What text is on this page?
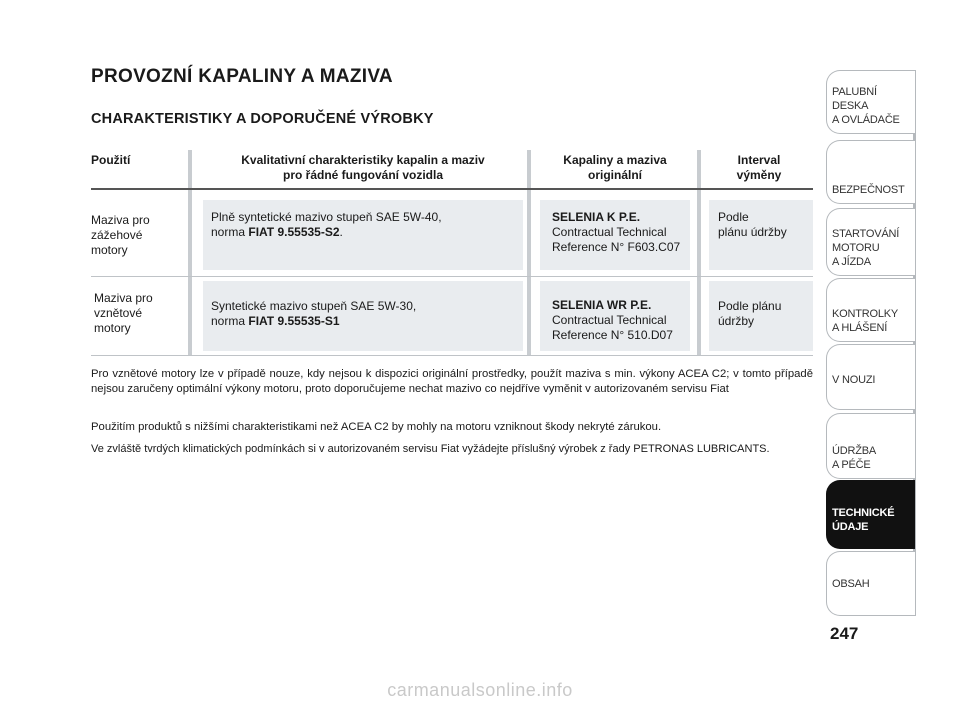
PROVOZNÍ KAPALINY A MAZIVA
CHARAKTERISTIKY A DOPORUČENÉ VÝROBKY
Použití	Kvalitativní charakteristiky kapalin a maziv
pro řádné fungování vozidla
Kapaliny a maziva
originální
Interval
výměny
Maziva pro
zážehové
motory
Plně syntetické mazivo stupeň SAE 5W-40,
norma FIAT 9.55535-S2.
SELENIA K P.E.
Contractual Technical
Reference N° F603.C07
Podle
plánu údržby
Maziva pro
vznětové
motory
Syntetické mazivo stupeň SAE 5W-30,
norma FIAT 9.55535-S1
SELENIA WR P.E.
Contractual Technical
Reference N° 510.D07
Podle plánu
údržby
Pro vznětové motory lze v případě nouze, kdy nejsou k dispozici originální prostředky, použít maziva s min. výkony ACEA C2; v tomto případě nejsou zaručeny optimální výkony motoru, proto doporučujeme nechat mazivo co nejdříve vyměnit v autorizovaném servisu Fiat
Použitím produktů s nižšími charakteristikami než ACEA C2 by mohly na motoru vzniknout škody nekryté zárukou.
Ve zvláště tvrdých klimatických podmínkách si v autorizovaném servisu Fiat vyžádejte příslušný výrobek z řady PETRONAS LUBRICANTS.
PALUBNÍ DESKA
A OVLÁDAČE
BEZPEČNOST
STARTOVÁNÍ
MOTORU
A JÍZDA
KONTROLKY
A HLÁŠENÍ
V NOUZI
ÚDRŽBA
A PÉČE
TECHNICKÉ
ÚDAJE
OBSAH
247
carmanualsonline.info
